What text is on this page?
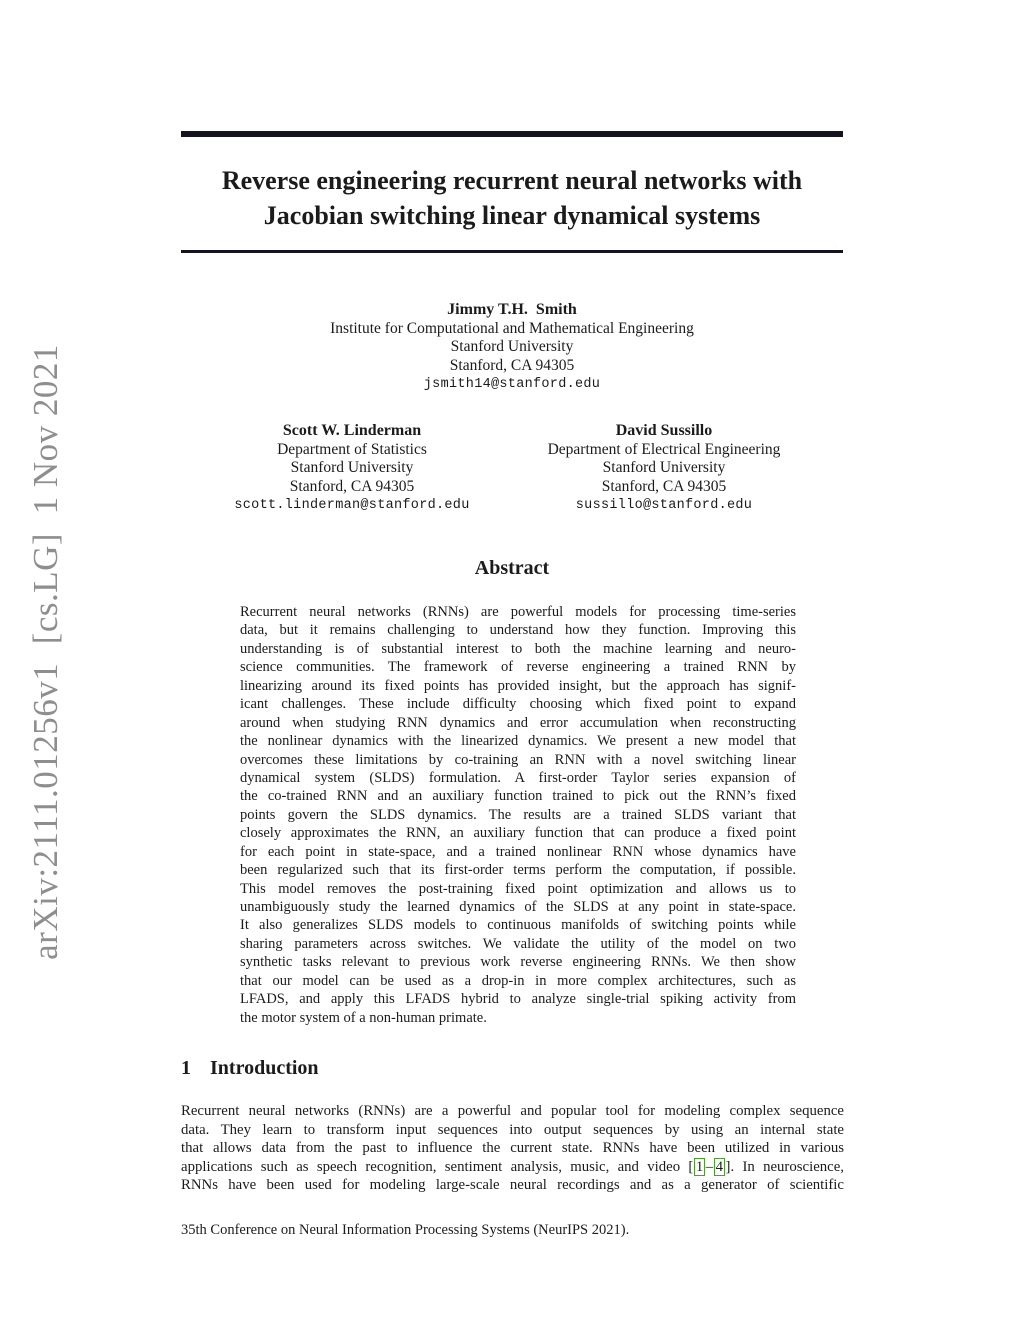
arXiv:2111.01256v1  [cs.LG]  1 Nov 2021
Reverse engineering recurrent neural networks with
Jacobian switching linear dynamical systems
Jimmy T.H.  Smith
Institute for Computational and Mathematical Engineering
Stanford University
Stanford, CA 94305
jsmith14@stanford.edu
Scott W. Linderman
Department of Statistics
Stanford University
Stanford, CA 94305
scott.linderman@stanford.edu
David Sussillo
Department of Electrical Engineering
Stanford University
Stanford, CA 94305
sussillo@stanford.edu
Abstract
Recurrent neural networks (RNNs) are powerful models for processing time-series
data, but it remains challenging to understand how they function. Improving this
understanding is of substantial interest to both the machine learning and neuro-
science communities. The framework of reverse engineering a trained RNN by
linearizing around its fixed points has provided insight, but the approach has signif-
icant challenges. These include difficulty choosing which fixed point to expand
around when studying RNN dynamics and error accumulation when reconstructing
the nonlinear dynamics with the linearized dynamics. We present a new model that
overcomes these limitations by co-training an RNN with a novel switching linear
dynamical system (SLDS) formulation. A first-order Taylor series expansion of
the co-trained RNN and an auxiliary function trained to pick out the RNN’s fixed
points govern the SLDS dynamics. The results are a trained SLDS variant that
closely approximates the RNN, an auxiliary function that can produce a fixed point
for each point in state-space, and a trained nonlinear RNN whose dynamics have
been regularized such that its first-order terms perform the computation, if possible.
This model removes the post-training fixed point optimization and allows us to
unambiguously study the learned dynamics of the SLDS at any point in state-space.
It also generalizes SLDS models to continuous manifolds of switching points while
sharing parameters across switches. We validate the utility of the model on two
synthetic tasks relevant to previous work reverse engineering RNNs. We then show
that our model can be used as a drop-in in more complex architectures, such as
LFADS, and apply this LFADS hybrid to analyze single-trial spiking activity from
the motor system of a non-human primate.
1 Introduction
Recurrent neural networks (RNNs) are a powerful and popular tool for modeling complex sequence
data. They learn to transform input sequences into output sequences by using an internal state
that allows data from the past to influence the current state. RNNs have been utilized in various
applications such as speech recognition, sentiment analysis, music, and video [ 1 – 4 ]. In neuroscience,
RNNs have been used for modeling large-scale neural recordings and as a generator of scientific
35th Conference on Neural Information Processing Systems (NeurIPS 2021).
